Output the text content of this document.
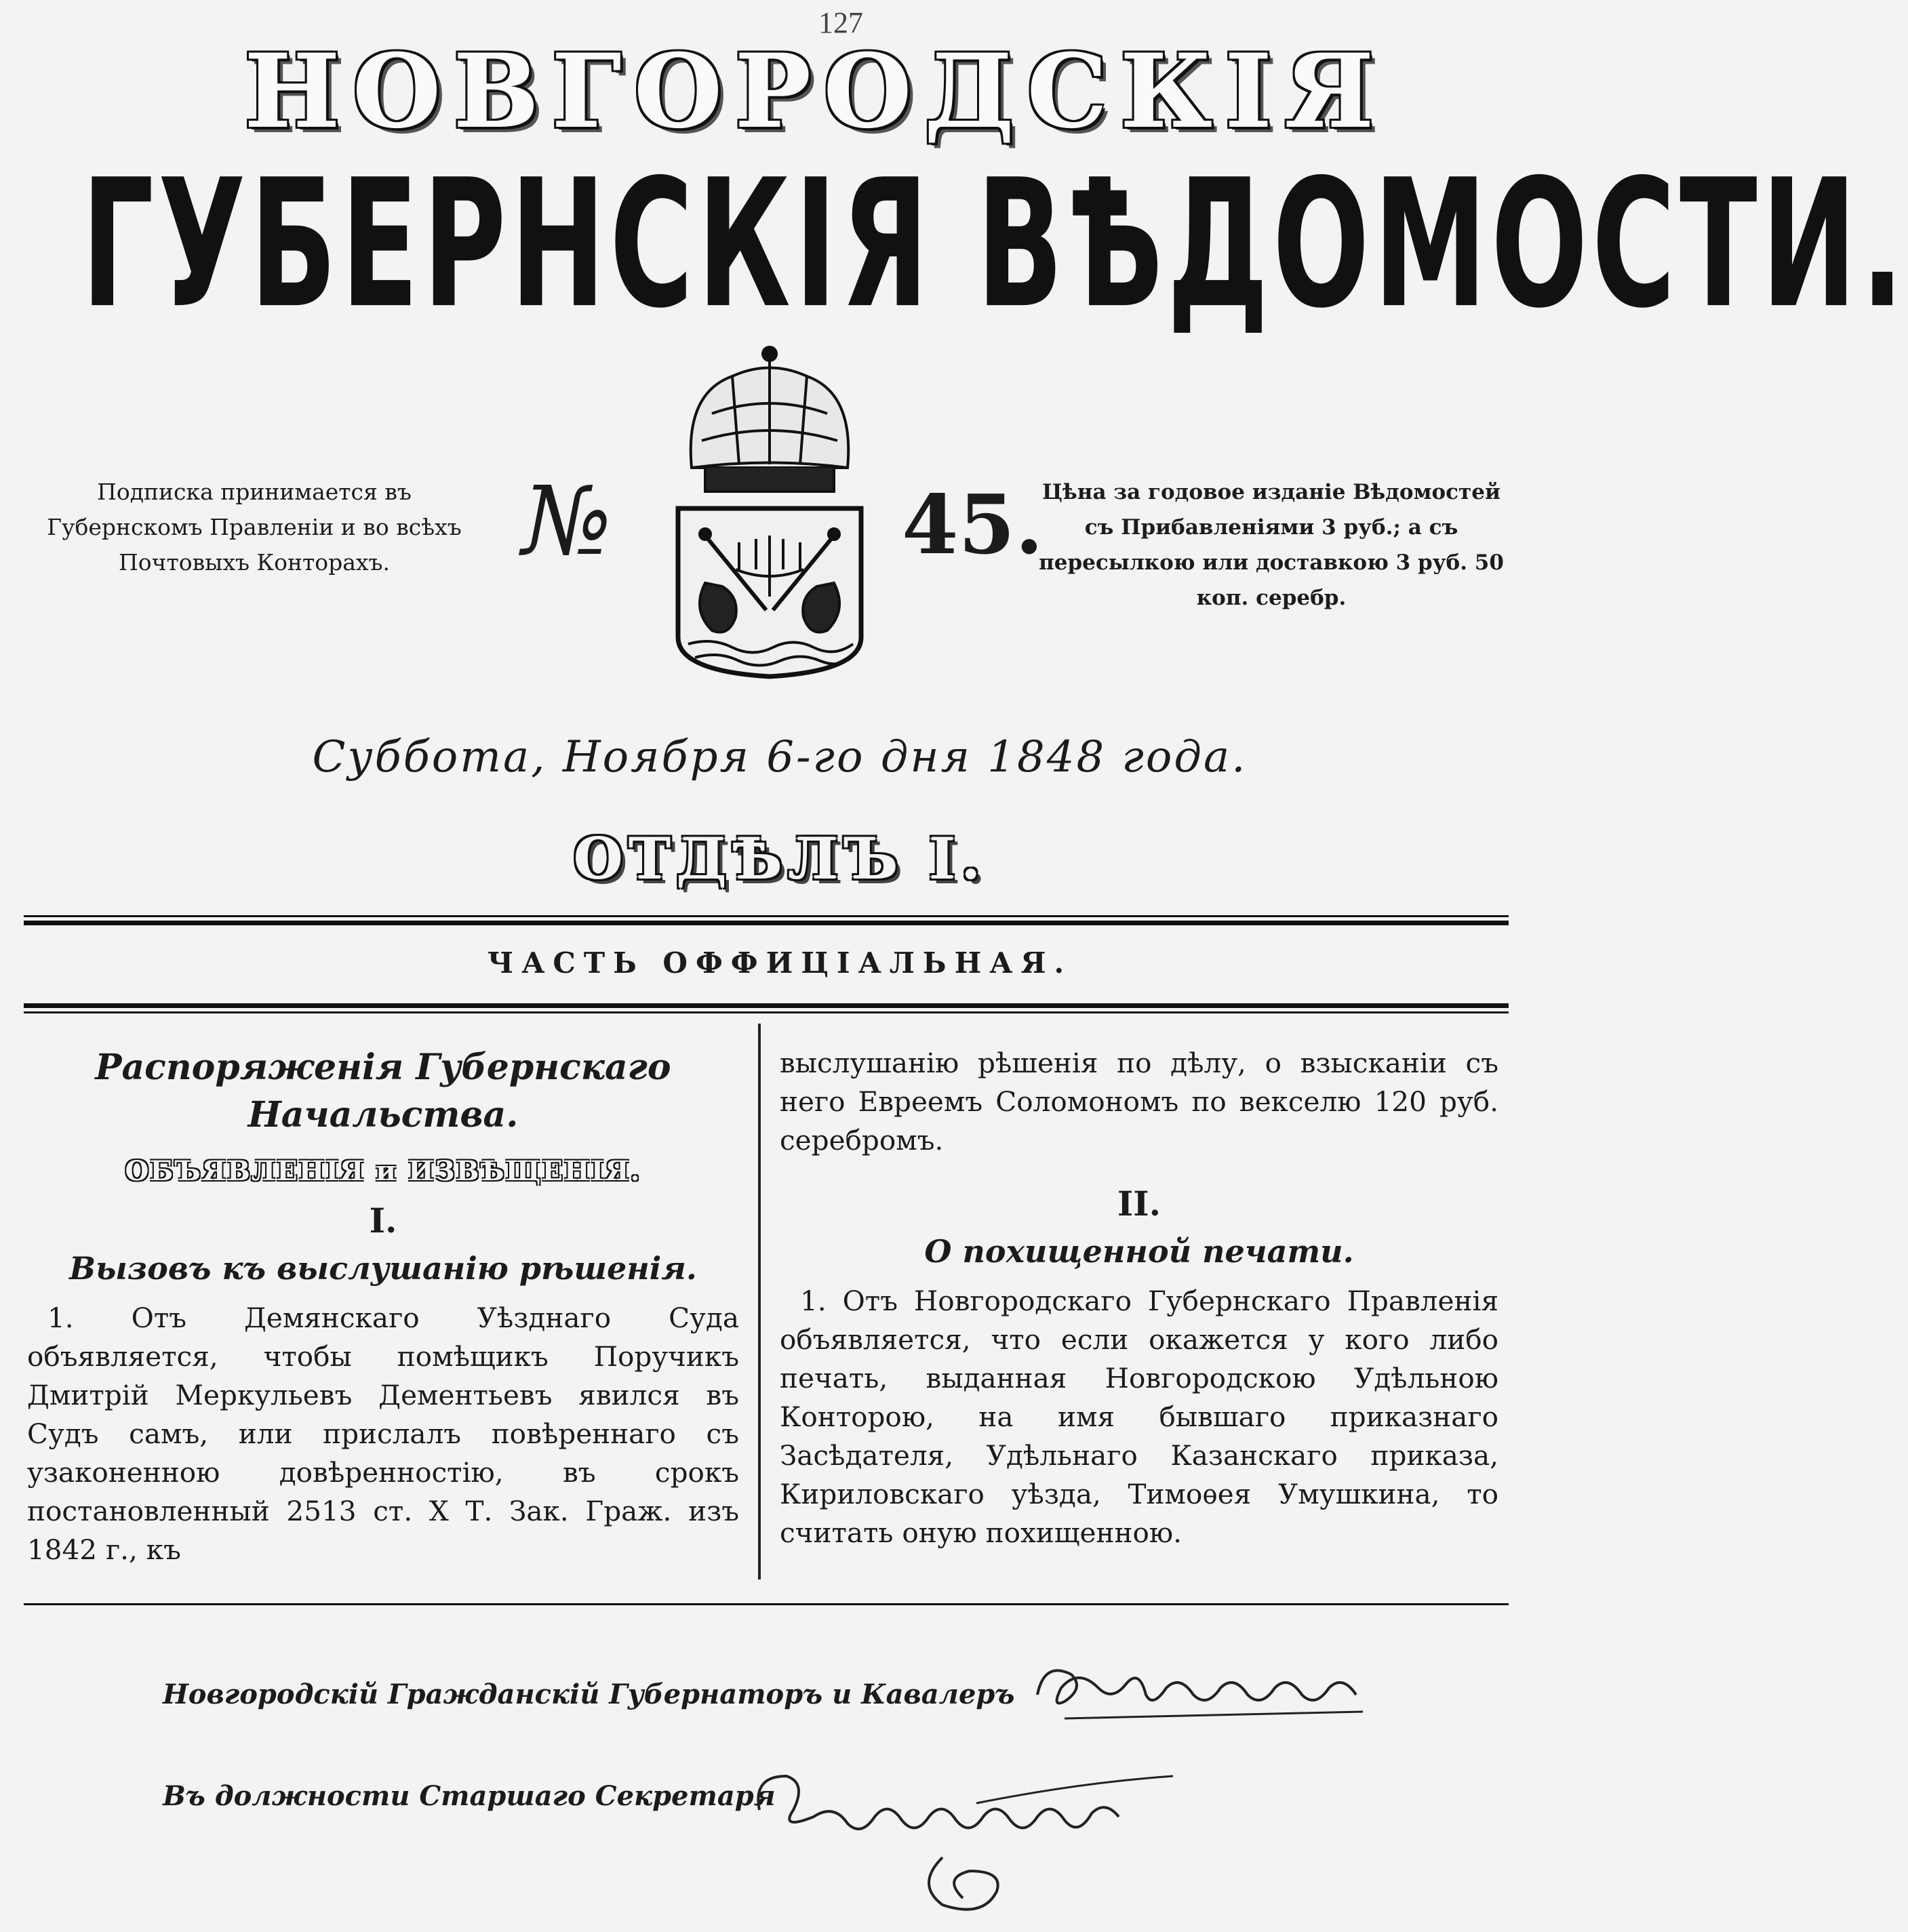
127
НОВГОРОДСКІЯ
ГУБЕРНСКІЯ ВѢДОМОСТИ.
Подписка принимается въ Губернскомъ Правленіи и во всѣхъ Почтовыхъ Конторахъ.	№	45.
Цѣна за годовое изданіе Вѣдомостей съ Прибавленіями 3 руб.; а съ пересылкою или доставкою 3 руб. 50 коп. серебр.
Суббота, Ноября 6-го дня 1848 года.
ОТДѢЛЪ І.
ЧАСТЬ ОФФИЦІАЛЬНАЯ.

Распоряженія Губернскаго Начальства.

ОБЪЯВЛЕНІЯ и ИЗВѢЩЕНІЯ.

I.

Вызовъ къ выслушанію рѣшенія.

1. Отъ Демянскаго Уѣзднаго Суда объявляется, чтобы помѣщикъ Поручикъ Дмитрій Меркульевъ Дементьевъ явился въ Судъ самъ, или прислалъ повѣреннаго съ узаконенною довѣренностію, въ срокъ постановленный 2513 ст. X Т. Зак. Граж. изъ 1842 г., къ

выслушанію рѣшенія по дѣлу, о взысканіи съ него Евреемъ Соломономъ по векселю 120 руб. серебромъ.

II.

О похищенной печати.

1. Отъ Новгородскаго Губернскаго Правленія объявляется, что если окажется у кого либо печать, выданная Новгородскою Удѣльною Конторою, на имя бывшаго приказнаго Засѣдателя, Удѣльнаго Казанскаго приказа, Кириловскаго уѣзда, Тимоѳея Умушкина, то считать оную похищенною.

Новгородскій Гражданскій Губернаторъ и Кавалеръ
Въ должности Старшаго Секретаря
